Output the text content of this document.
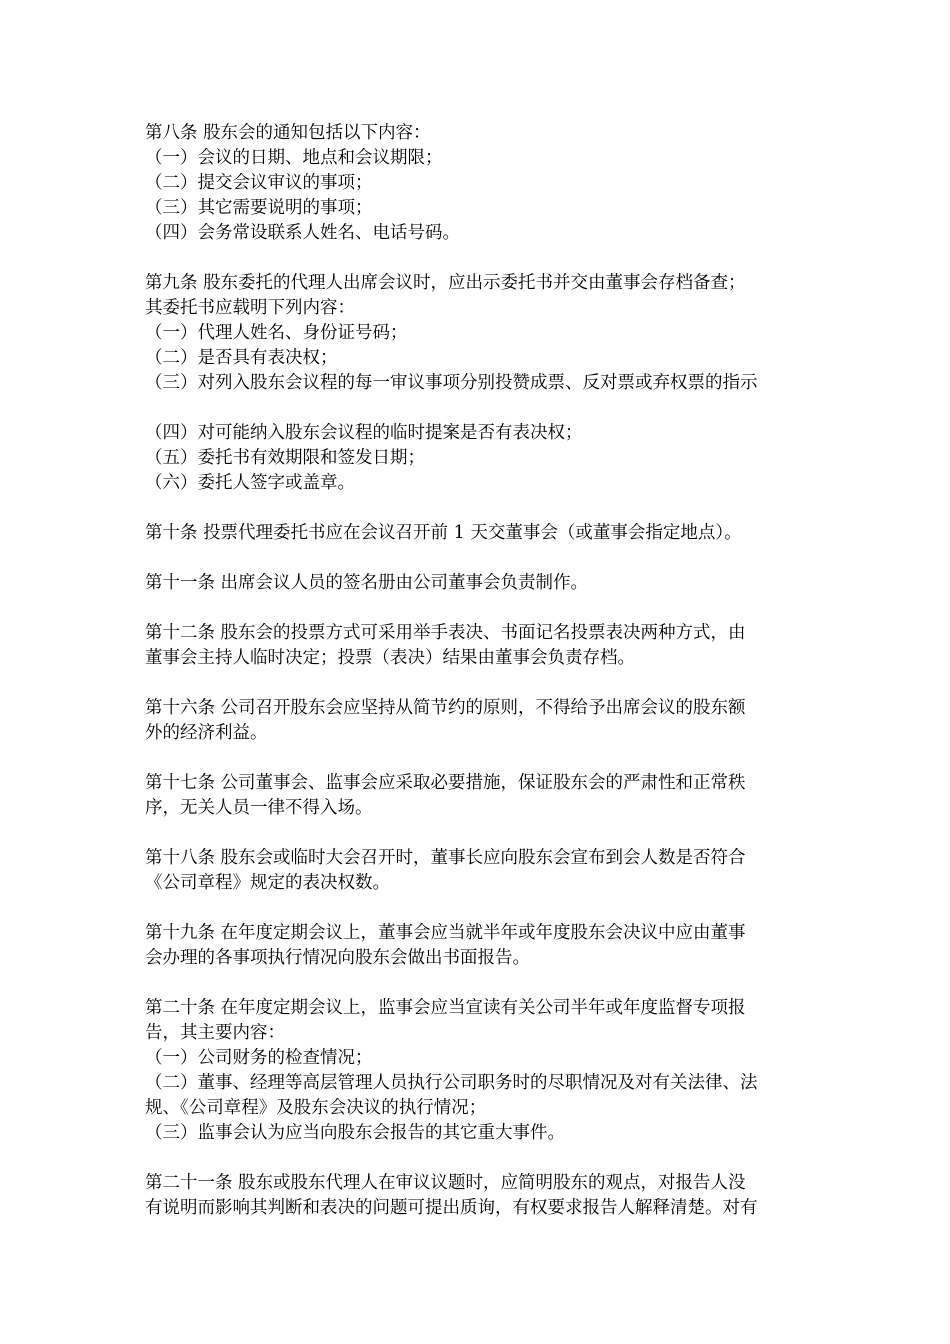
第八条 股东会的通知包括以下内容：
（一）会议的日期、地点和会议期限；
（二）提交会议审议的事项；
（三）其它需要说明的事项；
（四）会务常设联系人姓名、电话号码。
第九条 股东委托的代理人出席会议时，应出示委托书并交由董事会存档备查；
其委托书应载明下列内容：
（一）代理人姓名、身份证号码；
（二）是否具有表决权；
（三）对列入股东会议程的每一审议事项分别投赞成票、反对票或弃权票的指示
（四）对可能纳入股东会议程的临时提案是否有表决权；
（五）委托书有效期限和签发日期；
（六）委托人签字或盖章。
第十条 投票代理委托书应在会议召开前 1 天交董事会（或董事会指定地点）。
第十一条 出席会议人员的签名册由公司董事会负责制作。
第十二条 股东会的投票方式可采用举手表决、书面记名投票表决两种方式，由
董事会主持人临时决定；投票（表决）结果由董事会负责存档。
第十六条 公司召开股东会应坚持从简节约的原则，不得给予出席会议的股东额
外的经济利益。
第十七条 公司董事会、监事会应采取必要措施，保证股东会的严肃性和正常秩
序，无关人员一律不得入场。
第十八条 股东会或临时大会召开时，董事长应向股东会宣布到会人数是否符合
《公司章程》规定的表决权数。
第十九条 在年度定期会议上，董事会应当就半年或年度股东会决议中应由董事
会办理的各事项执行情况向股东会做出书面报告。
第二十条 在年度定期会议上，监事会应当宣读有关公司半年或年度监督专项报
告，其主要内容：
（一）公司财务的检查情况；
（二）董事、经理等高层管理人员执行公司职务时的尽职情况及对有关法律、法
规、《公司章程》及股东会决议的执行情况；
（三）监事会认为应当向股东会报告的其它重大事件。
第二十一条 股东或股东代理人在审议议题时，应简明股东的观点，对报告人没
有说明而影响其判断和表决的问题可提出质询，有权要求报告人解释清楚。对有
